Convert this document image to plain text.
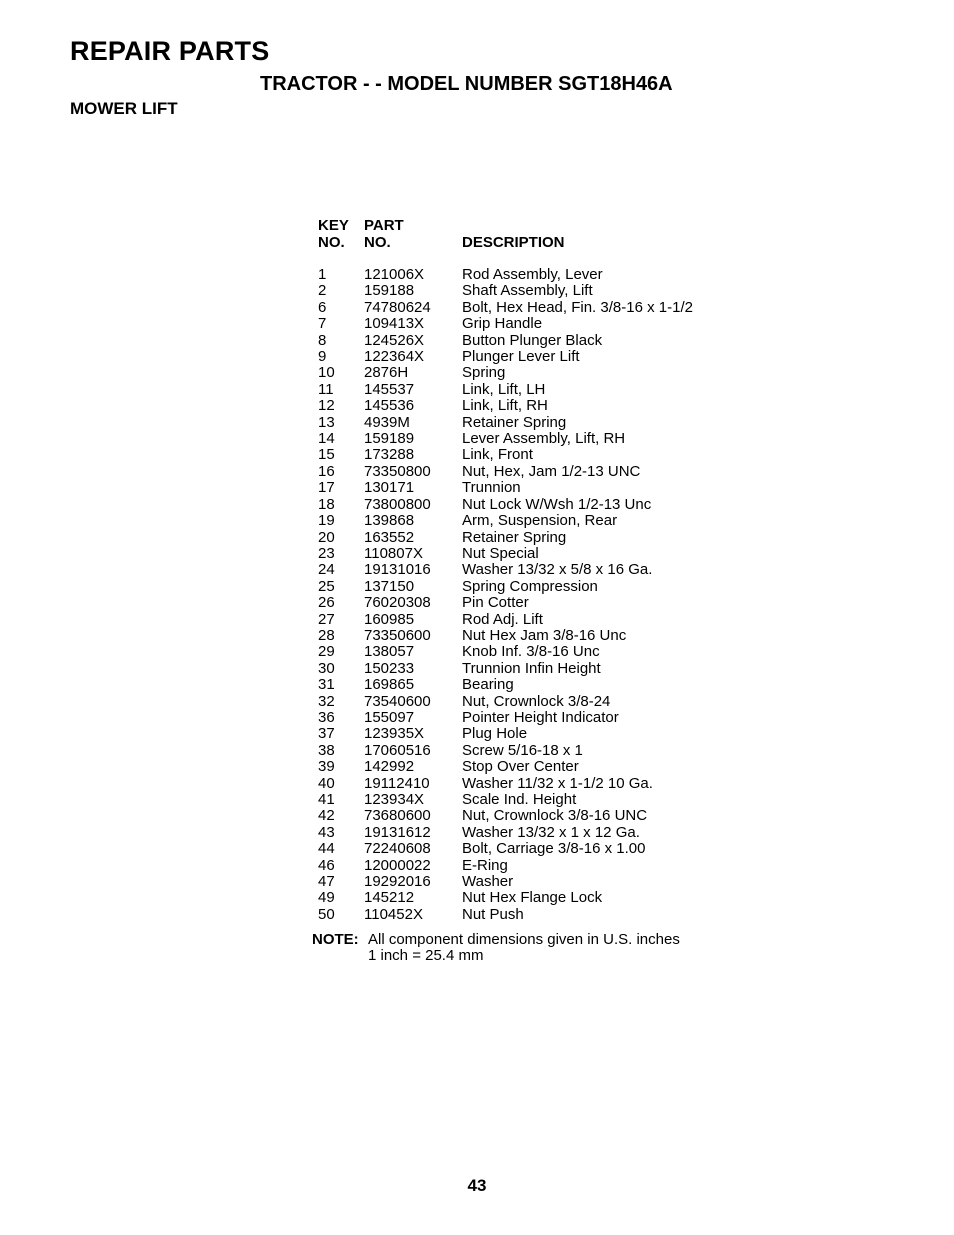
REPAIR PARTS
TRACTOR - - MODEL NUMBER SGT18H46A
MOWER LIFT
KEY	PART
NO.	NO.	DESCRIPTION
1	121006X	Rod Assembly, Lever
2	159188	Shaft Assembly, Lift
6	74780624	Bolt, Hex Head, Fin. 3/8-16 x 1-1/2
7	109413X	Grip Handle
8	124526X	Button Plunger Black
9	122364X	Plunger Lever Lift
10	2876H	Spring
11	145537	Link, Lift, LH
12	145536	Link, Lift, RH
13	4939M	Retainer Spring
14	159189	Lever Assembly, Lift, RH
15	173288	Link, Front
16	73350800	Nut, Hex, Jam 1/2-13 UNC
17	130171	Trunnion
18	73800800	Nut Lock W/Wsh 1/2-13 Unc
19	139868	Arm, Suspension, Rear
20	163552	Retainer Spring
23	110807X	Nut Special
24	19131016	Washer 13/32 x 5/8 x 16 Ga.
25	137150	Spring Compression
26	76020308	Pin Cotter
27	160985	Rod Adj. Lift
28	73350600	Nut Hex Jam 3/8-16 Unc
29	138057	Knob Inf. 3/8-16 Unc
30	150233	Trunnion Infin Height
31	169865	Bearing
32	73540600	Nut, Crownlock 3/8-24
36	155097	Pointer Height Indicator
37	123935X	Plug Hole
38	17060516	Screw 5/16-18 x 1
39	142992	Stop Over Center
40	19112410	Washer 11/32 x 1-1/2 10 Ga.
41	123934X	Scale Ind. Height
42	73680600	Nut, Crownlock 3/8-16 UNC
43	19131612	Washer 13/32 x 1 x 12 Ga.
44	72240608	Bolt, Carriage 3/8-16 x 1.00
46	12000022	E-Ring
47	19292016	Washer
49	145212	Nut Hex Flange Lock
50	110452X	Nut Push
NOTE: All component dimensions given in U.S. inches
1 inch = 25.4 mm
43
